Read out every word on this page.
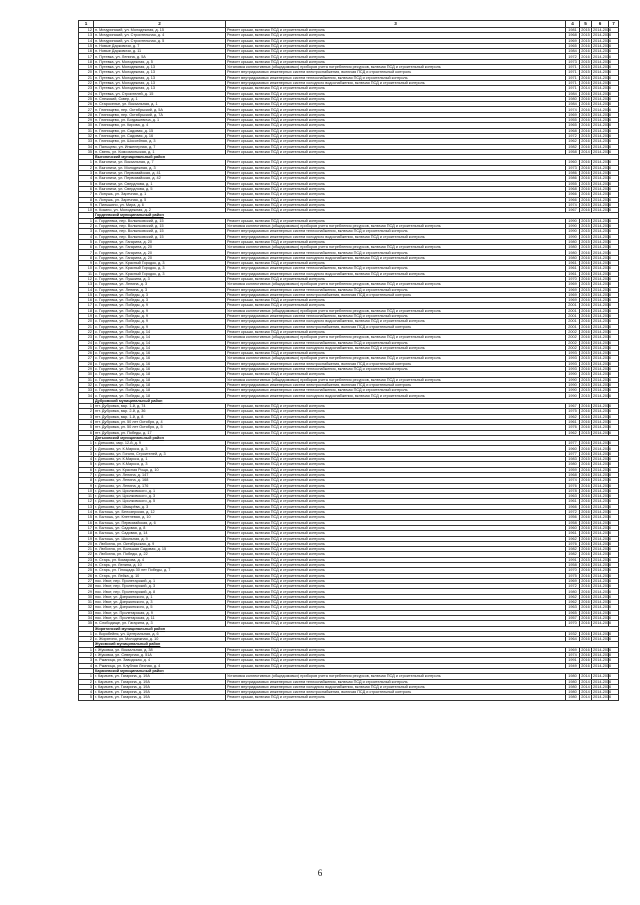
1	2	3	4	5	6	7
12	п. Мичуринский, ул. Молодежная, д. 15	Ремонт крыши, включая ПСД и строительный контроль	1981	2015	2014-2016	
13	п. Мичуринский, ул. Строительная, д. 4	Ремонт крыши, включая ПСД и строительный контроль	1968	2015	2014-2016	
14	п. Мичуринский, ул. Строительная, д. 5	Ремонт крыши, включая ПСД и строительный контроль	1969	2015	2014-2016	
15	п. Новые Дарковичи, д. 7	Ремонт крыши, включая ПСД и строительный контроль	1965	2016	2014-2016	
16	п. Новые Дарковичи, д. 11	Ремонт крыши, включая ПСД и строительный контроль	1984	2016	2014-2016	
17	п. Путевка, ул. Ленина, д. 5А	Ремонт крыши, включая ПСД и строительный контроль	1972	2016	2014-2016	
18	п. Путевка, ул. Молодежная, д. 5	Ремонт крыши, включая ПСД и строительный контроль	1973	2015	2014-2016	
19	п. Путевка, ул. Молодежная, д. 13	Установка коллективных (общедомовых) приборов учета потребления ресурсов, включая ПСД и строительный контроль	1971	2015	2014-2016	
20	п. Путевка, ул. Молодежная, д. 13	Ремонт внутридомовых инженерных систем электроснабжения, включая ПСД и строительный контроль	1971	2015	2014-2016	
21	п. Путевка, ул. Молодежная, д. 13	Ремонт внутридомовых инженерных систем теплоснабжения, включая ПСД и строительный контроль	1971	2016	2014-2016	
22	п. Путевка, ул. Молодежная, д. 13	Ремонт внутридомовых инженерных систем холодного водоснабжения, включая ПСД и строительный контроль	1971	2016	2014-2016	
23	п. Путевка, ул. Молодежная, д. 13	Ремонт крыши, включая ПСД и строительный контроль	1971	2014	2014-2016	
24	п. Путевка, ул. Строителей, д. 15	Ремонт крыши, включая ПСД и строительный контроль	1984	2016	2014-2016	
25	п. Снежский, Сквер, д. 1	Ремонт крыши, включая ПСД и строительный контроль	1980	2016	2014-2016	
26	п. Староселье, ул. Вокзальная, д. 1	Ремонт крыши, включая ПСД и строительный контроль	1984	2016	2014-2016	
27	п. Глинищево, пер. Октябрьский, д. 5А	Ремонт крыши, включая ПСД и строительный контроль	1974	2016	2014-2016	
28	п. Глинищево, пер. Октябрьский, д. 7А	Ремонт крыши, включая ПСД и строительный контроль	1969	2015	2014-2016	
29	п. Глинищево, ул. Богдашевича, д. 1	Ремонт крыши, включая ПСД и строительный контроль	1955	2016	2014-2016	
30	п. Глинищево, ул. Кирова, д. 4	Ремонт крыши, включая ПСД и строительный контроль	1965	2016	2014-2016	
31	п. Глинищево, ул. Садовая, д. 15	Ремонт крыши, включая ПСД и строительный контроль	1968	2016	2014-2016	
32	п. Глинищево, ул. Садовая, д. 16	Ремонт крыши, включая ПСД и строительный контроль	1972	2015	2014-2016	
33	п. Глинищево, ул. Шоссейная, д. 3	Ремонт крыши, включая ПСД и строительный контроль	1962	2016	2014-2016	
34	п. Пальцево, ул. Инженерная, д. 7	Ремонт крыши, включая ПСД и строительный контроль	1982	2016	2014-2016	
35	п. Свень, ул. Комсомольская, д. 1	Ремонт крыши, включая ПСД и строительный контроль	1958	2014	2014-2016	
	Выгоничский муниципальный район					
1	п. Выгоничи, ул. Вокзальная, д. 7	Ремонт крыши, включая ПСД и строительный контроль	1960	2016	2014-2016	
2	п. Выгоничи, ул. Молодежная, д. 3	Ремонт крыши, включая ПСД и строительный контроль	1973	2016	2014-2016	
3	п. Выгоничи, ул. Первомайская, д. 41	Ремонт крыши, включая ПСД и строительный контроль	1986	2016	2014-2016	
4	п. Выгоничи, ул. Первомайская, д. 42	Ремонт крыши, включая ПСД и строительный контроль	1986	2016	2014-2016	
5	п. Выгоничи, ул. Свердлова, д. 1	Ремонт крыши, включая ПСД и строительный контроль	1955	2015	2014-2016	
6	п. Выгоничи, ул. Свердлова, д. 5	Ремонт крыши, включая ПСД и строительный контроль	1968	2016	2014-2016	
7	п. Лопушь, ул. Заречная, д. 1	Ремонт крыши, включая ПСД и строительный контроль	1966	2016	2014-2016	
8	п. Лопушь, ул. Заречная, д. 5	Ремонт крыши, включая ПСД и строительный контроль	1966	2016	2014-2016	
9	п. Пильшино, ул. Мира, д. 6	Ремонт крыши, включая ПСД и строительный контроль	1974	2015	2014-2016	
10	п. Кокино, ул. Молодежная, д. 2	Ремонт крыши, включая ПСД и строительный контроль	1967	2016	2014-2016	
	Гордеевский муниципальный район					
1	с. Гордеевка, пер. Волынковский, д. 15	Ремонт крыши, включая ПСД и строительный контроль	1990	2015	2014-2016	
2	с. Гордеевка, пер. Волынковский, д. 15	Установка коллективных (общедомовых) приборов учета потребления ресурсов, включая ПСД и строительный контроль	1990	2015	2014-2016	
3	с. Гордеевка, пер. Волынковский, д. 15	Ремонт внутридомовых инженерных систем теплоснабжения, включая ПСД и строительный контроль	1990	2015	2014-2016	
4	с. Гордеевка, пер. Волынковский, д. 15	Ремонт внутридомовых инженерных систем холодного водоснабжения, включая ПСД и строительный контроль	1990	2015	2014-2016	
5	с. Гордеевка, ул. Гагарина, д. 20	Ремонт крыши, включая ПСД и строительный контроль	1980	2015	2014-2016	
6	с. Гордеевка, ул. Гагарина, д. 20	Установка коллективных (общедомовых) приборов учета потребления ресурсов, включая ПСД и строительный контроль	1980	2015	2014-2016	
7	с. Гордеевка, ул. Гагарина, д. 20	Ремонт внутридомовых инженерных систем теплоснабжения, включая ПСД и строительный контроль	1980	2016	2014-2016	
8	с. Гордеевка, ул. Гагарина, д. 20	Ремонт внутридомовых инженерных систем холодного водоснабжения, включая ПСД и строительный контроль	1980	2016	2014-2016	
9	с. Гордеевка, ул. Красный Городок, д. 3	Ремонт крыши, включая ПСД и строительный контроль	1961	2016	2014-2016	
10	с. Гордеевка, ул. Красный Городок, д. 3	Ремонт внутридомовых инженерных систем теплоснабжения, включая ПСД и строительный контроль	1961	2016	2014-2016	
11	с. Гордеевка, ул. Красный Городок, д. 3	Ремонт внутридомовых инженерных систем холодного водоснабжения, включая ПСД и строительный контроль	1961	2016	2014-2016	
12	с. Гордеевка, ул. Пушкина, д. 3	Ремонт крыши, включая ПСД и строительный контроль	1970	2016	2014-2016	
13	с. Гордеевка, ул. Ленина, д. 3	Установка коллективных (общедомовых) приборов учета потребления ресурсов, включая ПСД и строительный контроль	1969	2015	2014-2016	
14	с. Гордеевка, ул. Ленина, д. 3	Ремонт внутридомовых инженерных систем теплоснабжения, включая ПСД и строительный контроль	1969	2015	2014-2016	
15	с. Гордеевка, ул. Победы, д. 3	Ремонт внутридомовых инженерных систем электроснабжения, включая ПСД и строительный контроль	1969	2015	2014-2016	
16	с. Гордеевка, ул. Победы, д. 3	Ремонт крыши, включая ПСД и строительный контроль	1969	2016	2014-2016	
17	с. Гордеевка, ул. Победы, д. 9	Ремонт крыши, включая ПСД и строительный контроль	2001	2016	2014-2016	
18	с. Гордеевка, ул. Победы, д. 9	Установка коллективных (общедомовых) приборов учета потребления ресурсов, включая ПСД и строительный контроль	2001	2016	2014-2016	
19	с. Гордеевка, ул. Победы, д. 9	Ремонт внутридомовых инженерных систем теплоснабжения, включая ПСД и строительный контроль	2001	2016	2014-2016	
20	с. Гордеевка, ул. Победы, д. 9	Ремонт внутридомовых инженерных систем холодного водоснабжения, включая ПСД и строительный контроль	2001	2016	2014-2016	
21	с. Гордеевка, ул. Победы, д. 9	Ремонт внутридомовых инженерных систем электроснабжения, включая ПСД и строительный контроль	2001	2016	2014-2016	
22	с. Гордеевка, ул. Победы, д. 14	Ремонт крыши, включая ПСД и строительный контроль	2002	2016	2014-2016	
23	с. Гордеевка, ул. Победы, д. 14	Установка коллективных (общедомовых) приборов учета потребления ресурсов, включая ПСД и строительный контроль	2002	2016	2014-2016	
24	с. Гордеевка, ул. Победы, д. 14	Ремонт внутридомовых инженерных систем теплоснабжения, включая ПСД и строительный контроль	2002	2016	2014-2016	
25	с. Гордеевка, ул. Победы, д. 14	Ремонт внутридомовых инженерных систем холодного водоснабжения, включая ПСД и строительный контроль	2002	2016	2014-2016	
26	с. Гордеевка, ул. Победы, д. 16	Ремонт крыши, включая ПСД и строительный контроль	1993	2015	2014-2016	
27	с. Гордеевка, ул. Победы, д. 16	Установка коллективных (общедомовых) приборов учета потребления ресурсов, включая ПСД и строительный контроль	1993	2015	2014-2016	
28	с. Гордеевка, ул. Победы, д. 16	Ремонт внутридомовых инженерных систем электроснабжения, включая ПСД и строительный контроль	1993	2015	2014-2016	
29	с. Гордеевка, ул. Победы, д. 16	Ремонт внутридомовых инженерных систем теплоснабжения, включая ПСД и строительный контроль	1993	2016	2014-2016	
30	с. Гордеевка, ул. Победы, д. 18	Ремонт крыши, включая ПСД и строительный контроль	1990	2015	2014-2016	
31	с. Гордеевка, ул. Победы, д. 18	Установка коллективных (общедомовых) приборов учета потребления ресурсов, включая ПСД и строительный контроль	1990	2015	2014-2016	
32	с. Гордеевка, ул. Победы, д. 18	Ремонт внутридомовых инженерных систем электроснабжения, включая ПСД и строительный контроль	1990	2015	2014-2016	
33	с. Гордеевка, ул. Победы, д. 18	Ремонт внутридомовых инженерных систем теплоснабжения, включая ПСД и строительный контроль	1990	2015	2014-2016	
34	с. Гордеевка, ул. Победы, д. 18	Ремонт внутридомовых инженерных систем холодного водоснабжения, включая ПСД и строительный контроль	1990	2015	2014-2016	
	Дубровский муниципальный район					
1	пгт. Дубровка, мкр. 1-й, д. 74	Ремонт крыши, включая ПСД и строительный контроль	1967	2016	2014-2016	
2	пгт. Дубровка, мкр. 2-й, д. 36	Ремонт крыши, включая ПСД и строительный контроль	1975	2016	2014-2016	
3	пгт. Дубровка, мкр. 1-й, д. 8	Ремонт крыши, включая ПСД и строительный контроль	1962	2016	2014-2016	
4	пгт. Дубровка, ул. 50 лет Октября, д. 4	Ремонт крыши, включая ПСД и строительный контроль	1961	2016	2014-2016	
5	пгт. Дубровка, ул. 50 лет Октября, д. 5	Ремонт крыши, включая ПСД и строительный контроль	1976	2016	2014-2016	
6	пгт. Дубровка, ул. Победы, д. 17	Ремонт крыши, включая ПСД и строительный контроль	1962	2015	2014-2016	
	Дятьковский муниципальный район					
1	г. Дятьково, мкр. 12-й, д. 9	Ремонт крыши, включая ПСД и строительный контроль	1977	2016	2014-2016	
2	г. Дятьково, ул. К.Маркса, д. 3	Ремонт крыши, включая ПСД и строительный контроль	1960	2016	2014-2016	
3	г. Дятьково, ул. Гоголя, Строителей, д. 3	Ремонт крыши, включая ПСД и строительный контроль	1977	2016	2014-2016	
4	г. Дятьково, ул. К.Маркса, д. 1	Ремонт крыши, включая ПСД и строительный контроль	1983	2015	2014-2016	
5	г. Дятьково, ул. К.Маркса, д. 3	Ремонт крыши, включая ПСД и строительный контроль	1980	2016	2014-2016	
6	г. Дятьково, ул. Красная Роща, д. 10	Ремонт крыши, включая ПСД и строительный контроль	1959	2016	2014-2016	
7	г. Дятьково, ул. Ленина, д. 147	Ремонт крыши, включая ПСД и строительный контроль	1968	2016	2014-2016	
8	г. Дятьково, ул. Ленина, д. 168	Ремонт крыши, включая ПСД и строительный контроль	1974	2016	2014-2016	
9	г. Дятьково, ул. Ленина, д. 176	Ремонт крыши, включая ПСД и строительный контроль	1976	2016	2014-2016	
10	г. Дятьково, ул. Циолковского, д. 1	Ремонт крыши, включая ПСД и строительный контроль	1978	2016	2014-2016	
11	г. Дятьково, ул. Циолковского, д. 3	Ремонт крыши, включая ПСД и строительный контроль	1963	2016	2014-2016	
12	г. Дятьково, ул. Циолковского, д. 5	Ремонт крыши, включая ПСД и строительный контроль	1961	2016	2014-2016	
13	г. Дятьково, ул. Шмырёва, д. 3	Ремонт крыши, включая ПСД и строительный контроль	1966	2016	2014-2016	
14	п. Бытошь, ул. Белозерская, д. 12	Ремонт крыши, включая ПСД и строительный контроль	1972	2016	2014-2016	
15	п. Бытошь, ул. Клетневая, д. 10	Ремонт крыши, включая ПСД и строительный контроль	1956	2016	2014-2016	
16	п. Бытошь, ул. Первомайская, д. 6	Ремонт крыши, включая ПСД и строительный контроль	1958	2016	2014-2016	
17	п. Бытошь, ул. Садовая, д. 8	Ремонт крыши, включая ПСД и строительный контроль	1960	2016	2014-2016	
18	п. Бытошь, ул. Садовая, д. 14	Ремонт крыши, включая ПСД и строительный контроль	1961	2016	2014-2016	
19	п. Бытошь, ул. Школьная, д. 9	Ремонт крыши, включая ПСД и строительный контроль	1962	2016	2014-2016	
20	п. Любохна, ул. Октябрьская, д. 9	Ремонт крыши, включая ПСД и строительный контроль	1976	2016	2014-2016	
21	п. Любохна, ул. Большая Садовая, д. 15	Ремонт крыши, включая ПСД и строительный контроль	1982	2016	2014-2016	
22	п. Любохна, ул. Победы, д. 22	Ремонт крыши, включая ПСД и строительный контроль	1982	2016	2014-2016	
23	п. Старь, ул. Комарова, д. 4	Ремонт крыши, включая ПСД и строительный контроль	1991	2015	2014-2016	
24	п. Старь, ул. Ленина, д. 10	Ремонт крыши, включая ПСД и строительный контроль	1958	2016	2014-2016	
25	п. Старь, ул. Площадь 30 лет Победы, д. 7	Ремонт крыши, включая ПСД и строительный контроль	1970	2016	2014-2016	
26	п. Старь, ул. Лейка, д. 10	Ремонт крыши, включая ПСД и строительный контроль	1975	2016	2014-2016	
27	пос. Ивот, пер. Пролетарский, д. 1	Ремонт крыши, включая ПСД и строительный контроль	1969	2016	2014-2016	
28	пос. Ивот, пер. Пролетарский, д. 3	Ремонт крыши, включая ПСД и строительный контроль	1972	2016	2014-2016	
29	пос. Ивот, пер. Пролетарский, д. 8	Ремонт крыши, включая ПСД и строительный контроль	1980	2016	2014-2016	
30	пос. Ивот, ул. Дзержинского, д. 1	Ремонт крыши, включая ПСД и строительный контроль	1962	2016	2014-2016	
31	пос. Ивот, ул. Дзержинского, д. 3	Ремонт крыши, включая ПСД и строительный контроль	1962	2016	2014-2016	
32	пос. Ивот, ул. Дзержинского, д. 5	Ремонт крыши, включая ПСД и строительный контроль	1963	2016	2014-2016	
33	пос. Ивот, ул. Пролетарская, д. 9	Ремонт крыши, включая ПСД и строительный контроль	1965	2016	2014-2016	
34	пос. Ивот, ул. Пролетарская, д. 11	Ремонт крыши, включая ПСД и строительный контроль	1957	2016	2014-2016	
35	п. Слободище, ул. Гагарина, д. 3	Ремонт крыши, включая ПСД и строительный контроль	1970	2016	2014-2016	
	Жирятинский муниципальный район					
1	с. Воробейня, ул. Центральная, д. 6	Ремонт крыши, включая ПСД и строительный контроль	1932	2016	2014-2016	
2	с. Жирятино, ул. Молодежная, д. 10	Ремонт крыши, включая ПСД и строительный контроль	1964	2016	2014-2016	
	Жуковский муниципальный район					
1	г. Жуковка, ул. Вокзальная, д. 38	Ремонт крыши, включая ПСД и строительный контроль	1969	2016	2014-2016	
2	г. Жуковка, ул. Северная, д. 51А	Ремонт крыши, включая ПСД и строительный контроль	1974	2016	2014-2016	
3	п. Ржаница, ул. Заводская, д. 4	Ремонт крыши, включая ПСД и строительный контроль	1991	2016	2014-2016	
4	п. Ржаница, ул. Клубная Лесная, д. 4	Ремонт крыши, включая ПСД и строительный контроль	1949	2016	2014-2016	
	Карачевский муниципальный район					
1	г. Карачев, ул. Гагарина, д. 19А	Установка коллективных (общедомовых) приборов учета потребления ресурсов, включая ПСД и строительный контроль	1980	2014	2014-2016	
2	г. Карачев, ул. Гагарина, д. 19А	Ремонт внутридомовых инженерных систем теплоснабжения, включая ПСД и строительный контроль	1980	2014	2014-2016	
3	г. Карачев, ул. Гагарина, д. 19А	Ремонт внутридомовых инженерных систем холодного водоснабжения, включая ПСД и строительный контроль	1980	2014	2014-2016	
4	г. Карачев, ул. Гагарина, д. 19А	Ремонт внутридомовых инженерных систем электроснабжения, включая ПСД и строительный контроль	1980	2014	2014-2016	
5	г. Карачев, ул. Гагарина, д. 19А	Ремонт крыши, включая ПСД и строительный контроль	1980	2014	2014-2016	
6
